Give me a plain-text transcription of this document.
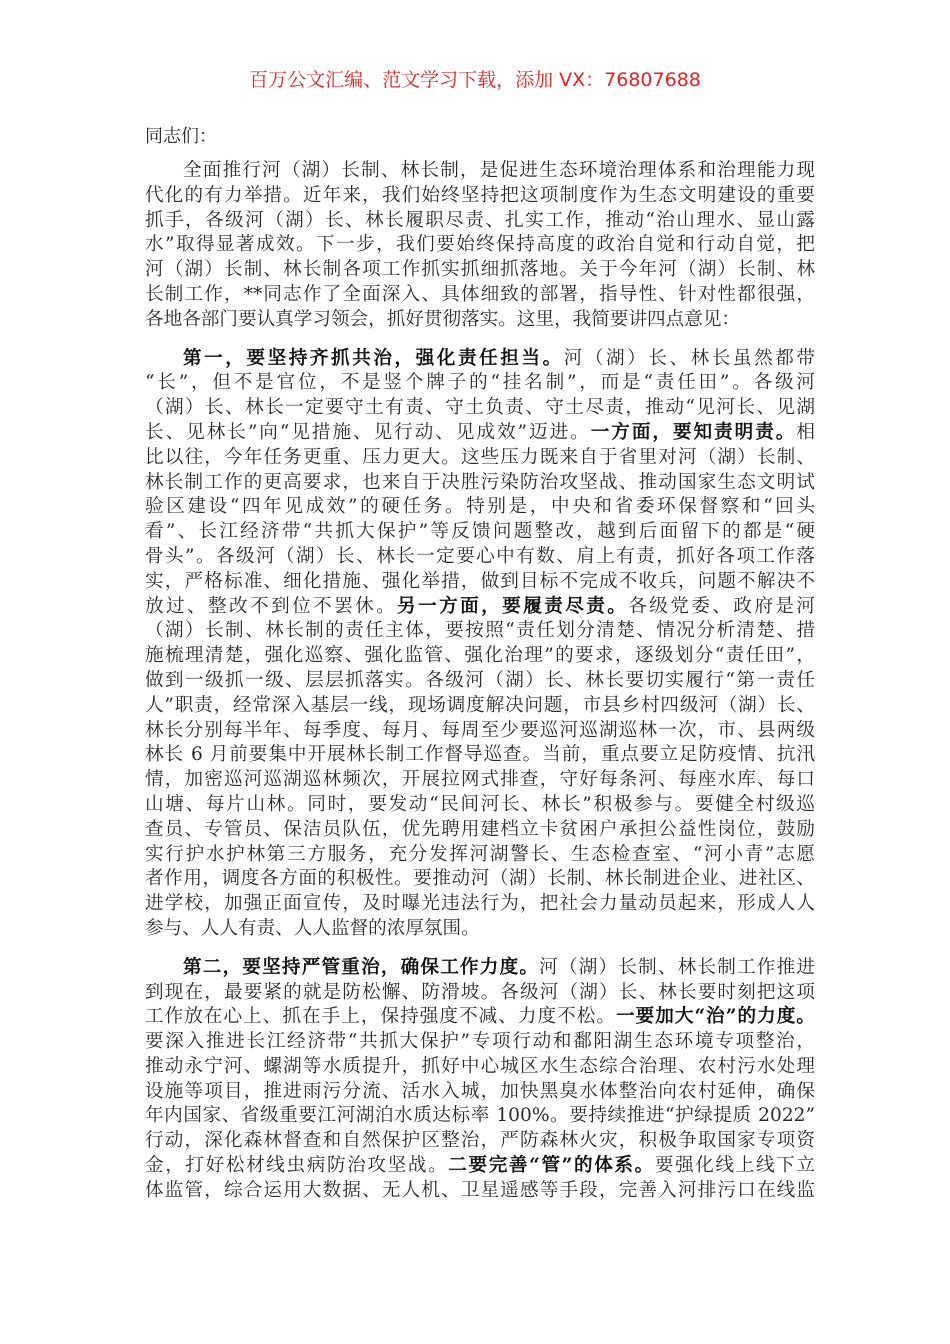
百万公文汇编、范文学习下载，添加 VX：76807688
同志们：
全面推行河（湖）长制、林长制，是促进生态环境治理体系和治理能力现
代化的有力举措。近年来，我们始终坚持把这项制度作为生态文明建设的重要
抓手，各级河（湖）长、林长履职尽责、扎实工作，推动“治山理水、显山露
水”取得显著成效。下一步，我们要始终保持高度的政治自觉和行动自觉，把
河（湖）长制、林长制各项工作抓实抓细抓落地。关于今年河（湖）长制、林
长制工作，**同志作了全面深入、具体细致的部署，指导性、针对性都很强，
各地各部门要认真学习领会，抓好贯彻落实。这里，我简要讲四点意见：
第一，要坚持齐抓共治，强化责任担当。河（湖）长、林长虽然都带
“长”，但不是官位，不是竖个牌子的“挂名制”，而是“责任田”。各级河
（湖）长、林长一定要守土有责、守土负责、守土尽责，推动“见河长、见湖
长、见林长”向“见措施、见行动、见成效”迈进。一方面，要知责明责。相
比以往，今年任务更重、压力更大。这些压力既来自于省里对河（湖）长制、
林长制工作的更高要求，也来自于决胜污染防治攻坚战、推动国家生态文明试
验区建设“四年见成效”的硬任务。特别是，中央和省委环保督察和“回头
看”、长江经济带“共抓大保护”等反馈问题整改，越到后面留下的都是“硬
骨头”。各级河（湖）长、林长一定要心中有数、肩上有责，抓好各项工作落
实，严格标准、细化措施、强化举措，做到目标不完成不收兵，问题不解决不
放过、整改不到位不罢休。另一方面，要履责尽责。各级党委、政府是河
（湖）长制、林长制的责任主体，要按照“责任划分清楚、情况分析清楚、措
施梳理清楚，强化巡察、强化监管、强化治理”的要求，逐级划分“责任田”，
做到一级抓一级、层层抓落实。各级河（湖）长、林长要切实履行“第一责任
人”职责，经常深入基层一线，现场调度解决问题，市县乡村四级河（湖）长、
林长分别每半年、每季度、每月、每周至少要巡河巡湖巡林一次，市、县两级
林长 6 月前要集中开展林长制工作督导巡查。当前，重点要立足防疫情、抗汛
情，加密巡河巡湖巡林频次，开展拉网式排查，守好每条河、每座水库、每口
山塘、每片山林。同时，要发动“民间河长、林长”积极参与。要健全村级巡
查员、专管员、保洁员队伍，优先聘用建档立卡贫困户承担公益性岗位，鼓励
实行护水护林第三方服务，充分发挥河湖警长、生态检查室、“河小青”志愿
者作用，调度各方面的积极性。要推动河（湖）长制、林长制进企业、进社区、
进学校，加强正面宣传，及时曝光违法行为，把社会力量动员起来，形成人人
参与、人人有责、人人监督的浓厚氛围。
第二，要坚持严管重治，确保工作力度。河（湖）长制、林长制工作推进
到现在，最要紧的就是防松懈、防滑坡。各级河（湖）长、林长要时刻把这项
工作放在心上、抓在手上，保持强度不减、力度不松。一要加大“治”的力度。
要深入推进长江经济带“共抓大保护”专项行动和鄱阳湖生态环境专项整治，
推动永宁河、螺湖等水质提升，抓好中心城区水生态综合治理、农村污水处理
设施等项目，推进雨污分流、活水入城，加快黑臭水体整治向农村延伸，确保
年内国家、省级重要江河湖泊水质达标率 100%。要持续推进“护绿提质 2022”
行动，深化森林督查和自然保护区整治，严防森林火灾，积极争取国家专项资
金，打好松材线虫病防治攻坚战。二要完善“管”的体系。要强化线上线下立
体监管，综合运用大数据、无人机、卫星遥感等手段，完善入河排污口在线监
